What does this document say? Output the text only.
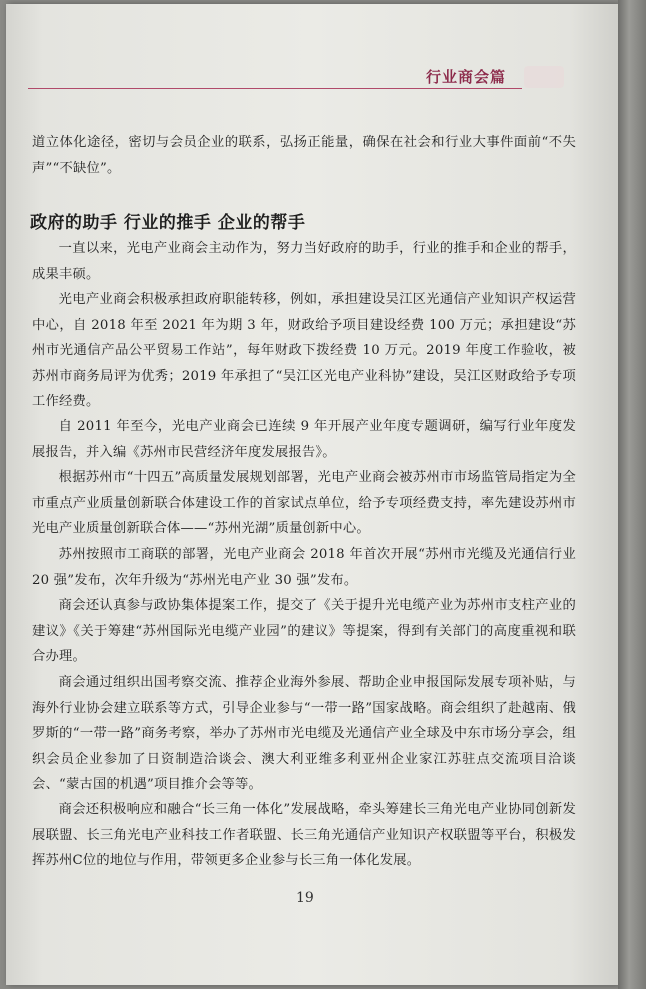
行业商会篇

道立体化途径，密切与会员企业的联系，弘扬正能量，确保在社会和行业大事件面前“不失声”“不缺位”。

政府的助手 行业的推手 企业的帮手

一直以来，光电产业商会主动作为，努力当好政府的助手，行业的推手和企业的帮手，成果丰硕。

光电产业商会积极承担政府职能转移，例如，承担建设吴江区光通信产业知识产权运营中心，自 2018 年至 2021 年为期 3 年，财政给予项目建设经费 100 万元；承担建设“苏州市光通信产品公平贸易工作站”，每年财政下拨经费 10 万元。2019 年度工作验收，被苏州市商务局评为优秀；2019 年承担了“吴江区光电产业科协”建设，吴江区财政给予专项工作经费。

自 2011 年至今，光电产业商会已连续 9 年开展产业年度专题调研，编写行业年度发展报告，并入编《苏州市民营经济年度发展报告》。

根据苏州市“十四五”高质量发展规划部署，光电产业商会被苏州市市场监管局指定为全市重点产业质量创新联合体建设工作的首家试点单位，给予专项经费支持，率先建设苏州市光电产业质量创新联合体——“苏州光湖”质量创新中心。

苏州按照市工商联的部署，光电产业商会 2018 年首次开展“苏州市光缆及光通信行业 20 强”发布，次年升级为“苏州光电产业 30 强”发布。

商会还认真参与政协集体提案工作，提交了《关于提升光电缆产业为苏州市支柱产业的建议》《关于筹建“苏州国际光电缆产业园”的建议》等提案，得到有关部门的高度重视和联合办理。

商会通过组织出国考察交流、推荐企业海外参展、帮助企业申报国际发展专项补贴，与海外行业协会建立联系等方式，引导企业参与“一带一路”国家战略。商会组织了赴越南、俄罗斯的“一带一路”商务考察，举办了苏州市光电缆及光通信产业全球及中东市场分享会，组织会员企业参加了日资制造洽谈会、澳大利亚维多利亚州企业家江苏驻点交流项目洽谈会、“蒙古国的机遇”项目推介会等等。

商会还积极响应和融合“长三角一体化”发展战略，牵头筹建长三角光电产业协同创新发展联盟、长三角光电产业科技工作者联盟、长三角光通信产业知识产权联盟等平台，积极发挥苏州C位的地位与作用，带领更多企业参与长三角一体化发展。

19
